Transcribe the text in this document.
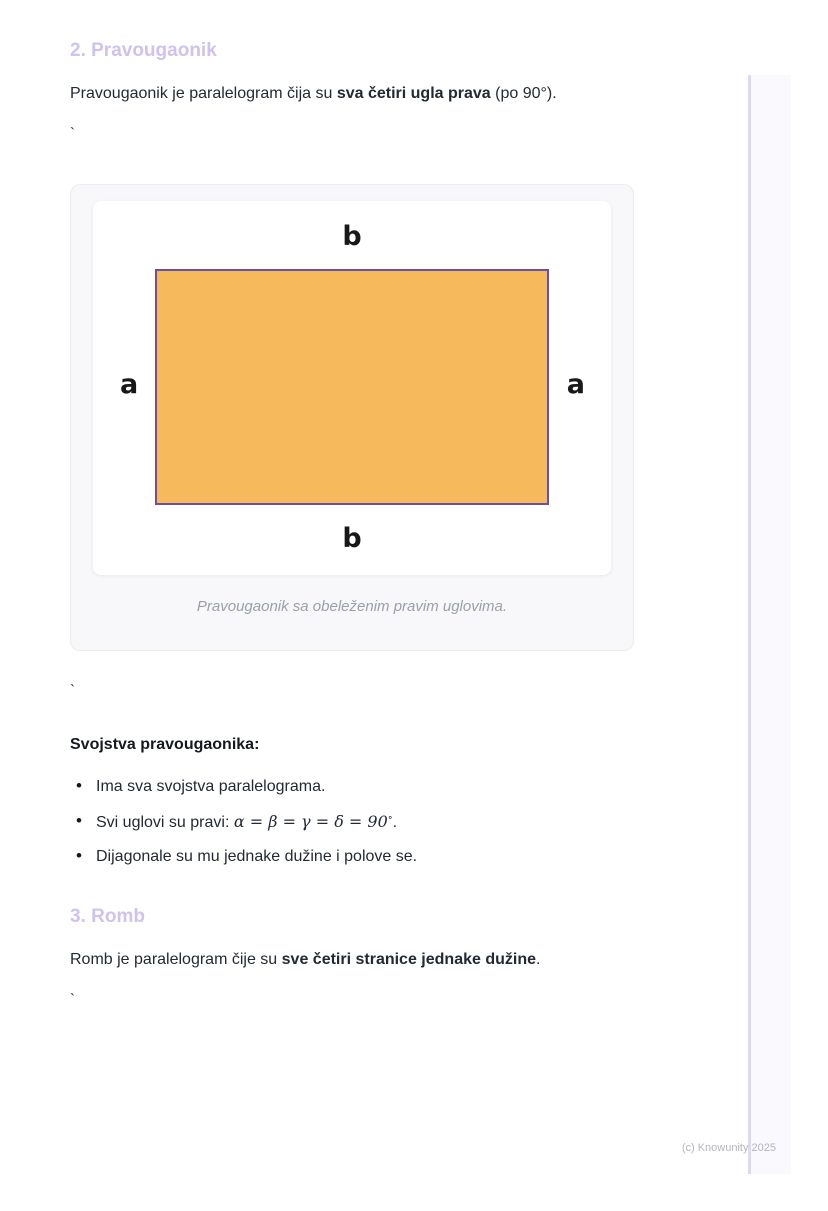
2. Pravougaonik

Pravougaonik je paralelogram čija su sva četiri ugla prava (po 90°).

`

b
a	a
b
Pravougaonik sa obeleženim pravim uglovima.

`

Svojstva pravougaonika:

• Ima sva svojstva paralelograma.
• Svi uglovi su pravi: α = β = γ = δ = 90∘.
• Dijagonale su mu jednake dužine i polove se.
3. Romb

Romb je paralelogram čije su sve četiri stranice jednake dužine.

`

(c) Knowunity 2025
